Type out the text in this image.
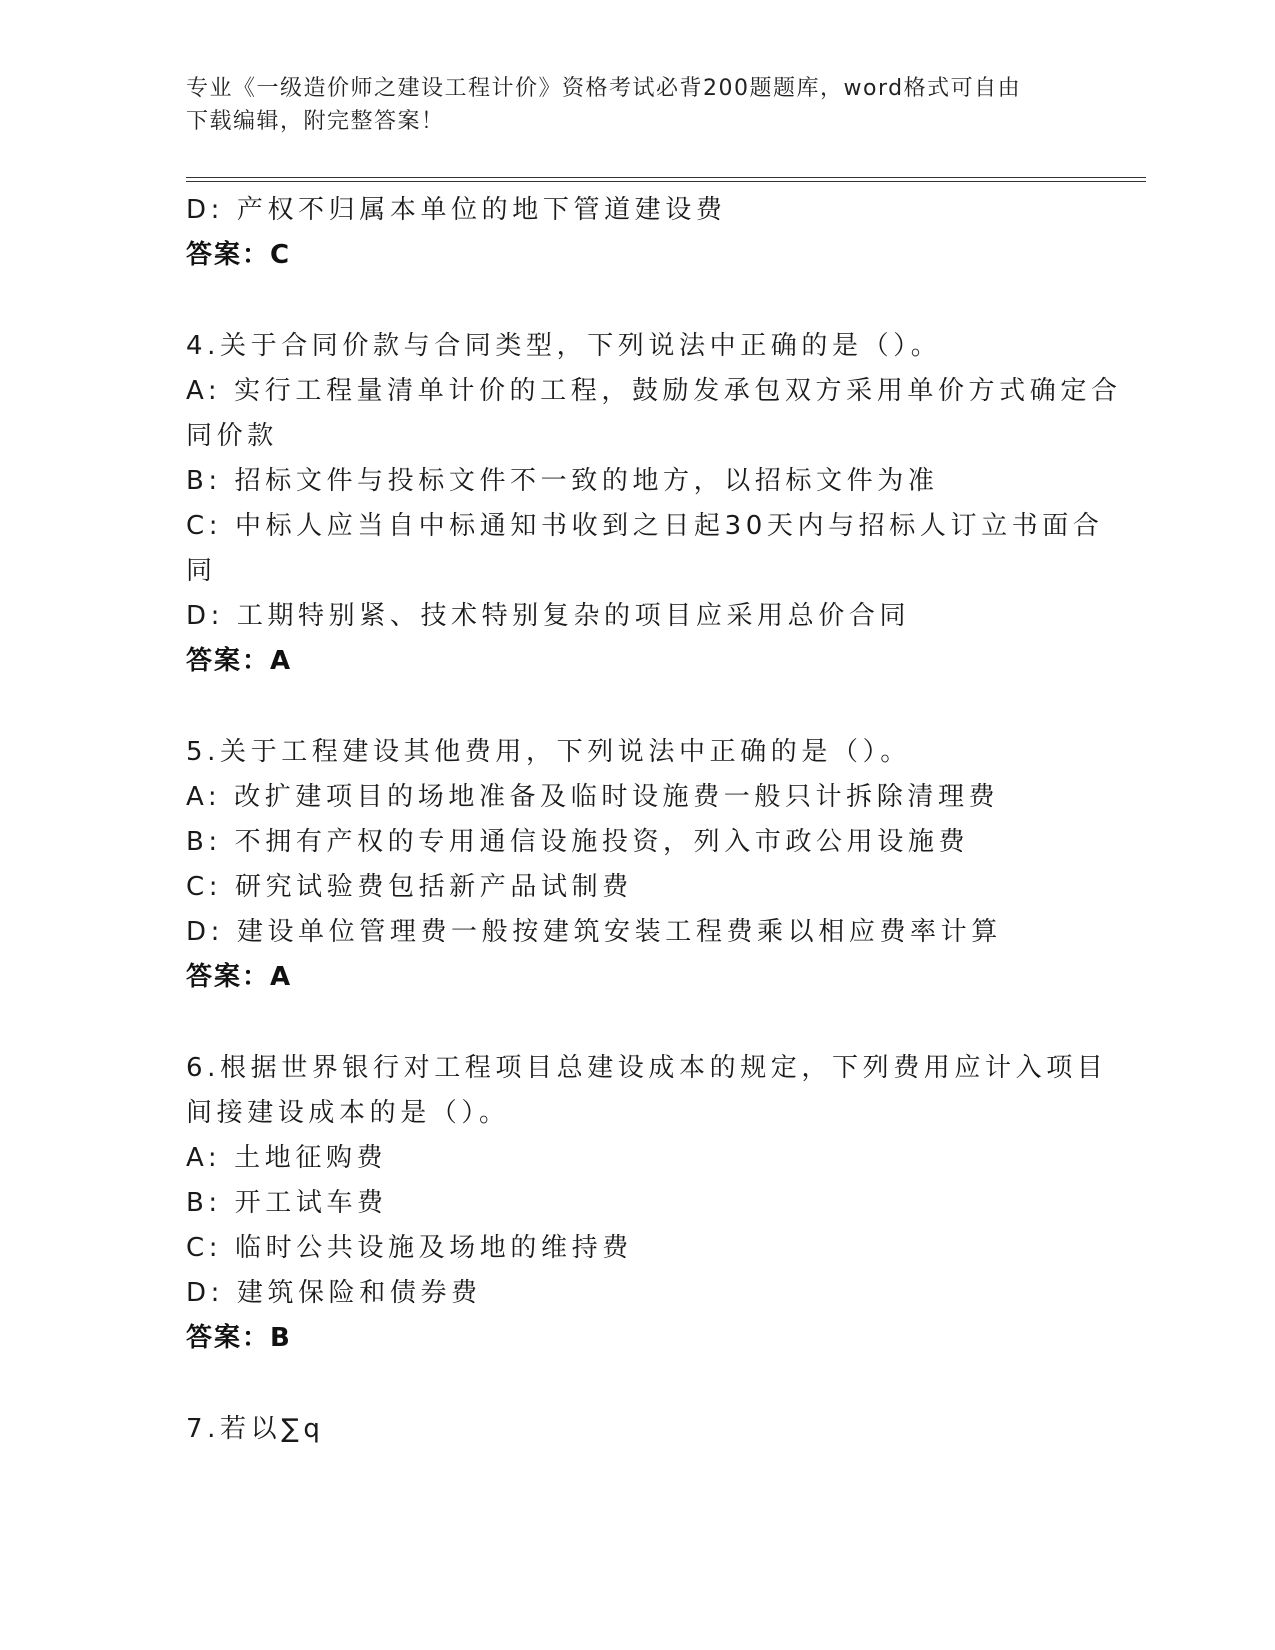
专业《一级造价师之建设工程计价》资格考试必背200题题库，word格式可自由
下载编辑，附完整答案！
D: 产权不归属本单位的地下管道建设费
答案：C
4.关于合同价款与合同类型，下列说法中正确的是（）。
A: 实行工程量清单计价的工程，鼓励发承包双方采用单价方式确定合
同价款
B: 招标文件与投标文件不一致的地方，以招标文件为准
C: 中标人应当自中标通知书收到之日起30天内与招标人订立书面合
同
D: 工期特别紧、技术特别复杂的项目应采用总价合同
答案：A
5.关于工程建设其他费用，下列说法中正确的是（）。
A: 改扩建项目的场地准备及临时设施费一般只计拆除清理费
B: 不拥有产权的专用通信设施投资，列入市政公用设施费
C: 研究试验费包括新产品试制费
D: 建设单位管理费一般按建筑安装工程费乘以相应费率计算
答案：A
6.根据世界银行对工程项目总建设成本的规定，下列费用应计入项目
间接建设成本的是（）。
A: 土地征购费
B: 开工试车费
C: 临时公共设施及场地的维持费
D: 建筑保险和债券费
答案：B
7.若以∑q
